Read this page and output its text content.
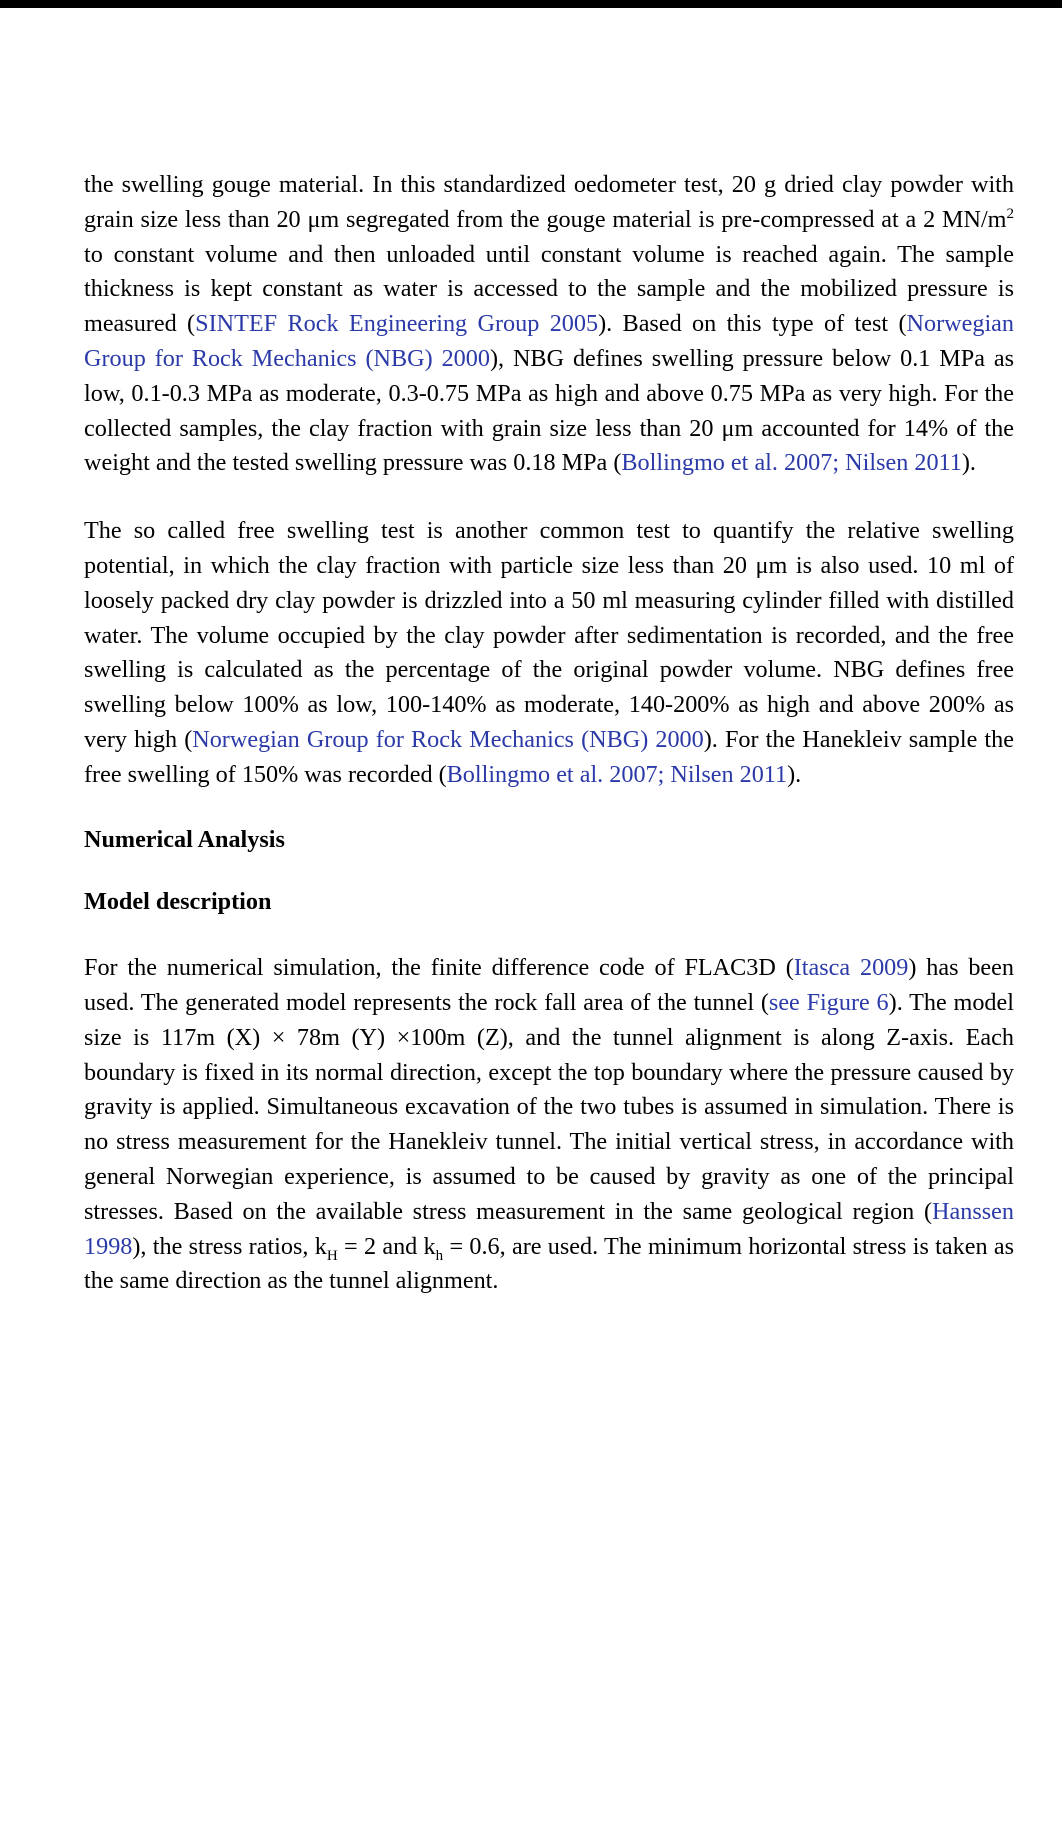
the swelling gouge material. In this standardized oedometer test, 20 g dried clay powder with grain size less than 20 μm segregated from the gouge material is pre-compressed at a 2 $MN/m^2$ to constant volume and then unloaded until constant volume is reached again. The sample thickness is kept constant as water is accessed to the sample and the mobilized pressure is measured (SINTEF Rock Engineering Group 2005). Based on this type of test (Norwegian Group for Rock Mechanics (NBG) 2000), NBG defines swelling pressure below 0.1 MPa as low, 0.1-0.3 MPa as moderate, 0.3-0.75 MPa as high and above 0.75 MPa as very high. For the collected samples, the clay fraction with grain size less than 20 μm accounted for 14% of the weight and the tested swelling pressure was 0.18 MPa (Bollingmo et al. 2007; Nilsen 2011).

The so called free swelling test is another common test to quantify the relative swelling potential, in which the clay fraction with particle size less than 20 μm is also used. 10 ml of loosely packed dry clay powder is drizzled into a 50 ml measuring cylinder filled with distilled water. The volume occupied by the clay powder after sedimentation is recorded, and the free swelling is calculated as the percentage of the original powder volume. NBG defines free swelling below 100% as low, 100-140% as moderate, 140-200% as high and above 200% as very high (Norwegian Group for Rock Mechanics (NBG) 2000). For the Hanekleiv sample the free swelling of 150% was recorded (Bollingmo et al. 2007; Nilsen 2011).

Numerical Analysis
Model description

For the numerical simulation, the finite difference code of FLAC3D (Itasca 2009) has been used. The generated model represents the rock fall area of the tunnel (see Figure 6). The model size is 117m (X) × 78m (Y) ×100m (Z), and the tunnel alignment is along Z-axis. Each boundary is fixed in its normal direction, except the top boundary where the pressure caused by gravity is applied. Simultaneous excavation of the two tubes is assumed in simulation. There is no stress measurement for the Hanekleiv tunnel. The initial vertical stress, in accordance with general Norwegian experience, is assumed to be caused by gravity as one of the principal stresses. Based on the available stress measurement in the same geological region (Hanssen 1998), the stress ratios, $k_H = 2$ and $k_h = 0.6$, are used. The minimum horizontal stress is taken as the same direction as the tunnel alignment.
